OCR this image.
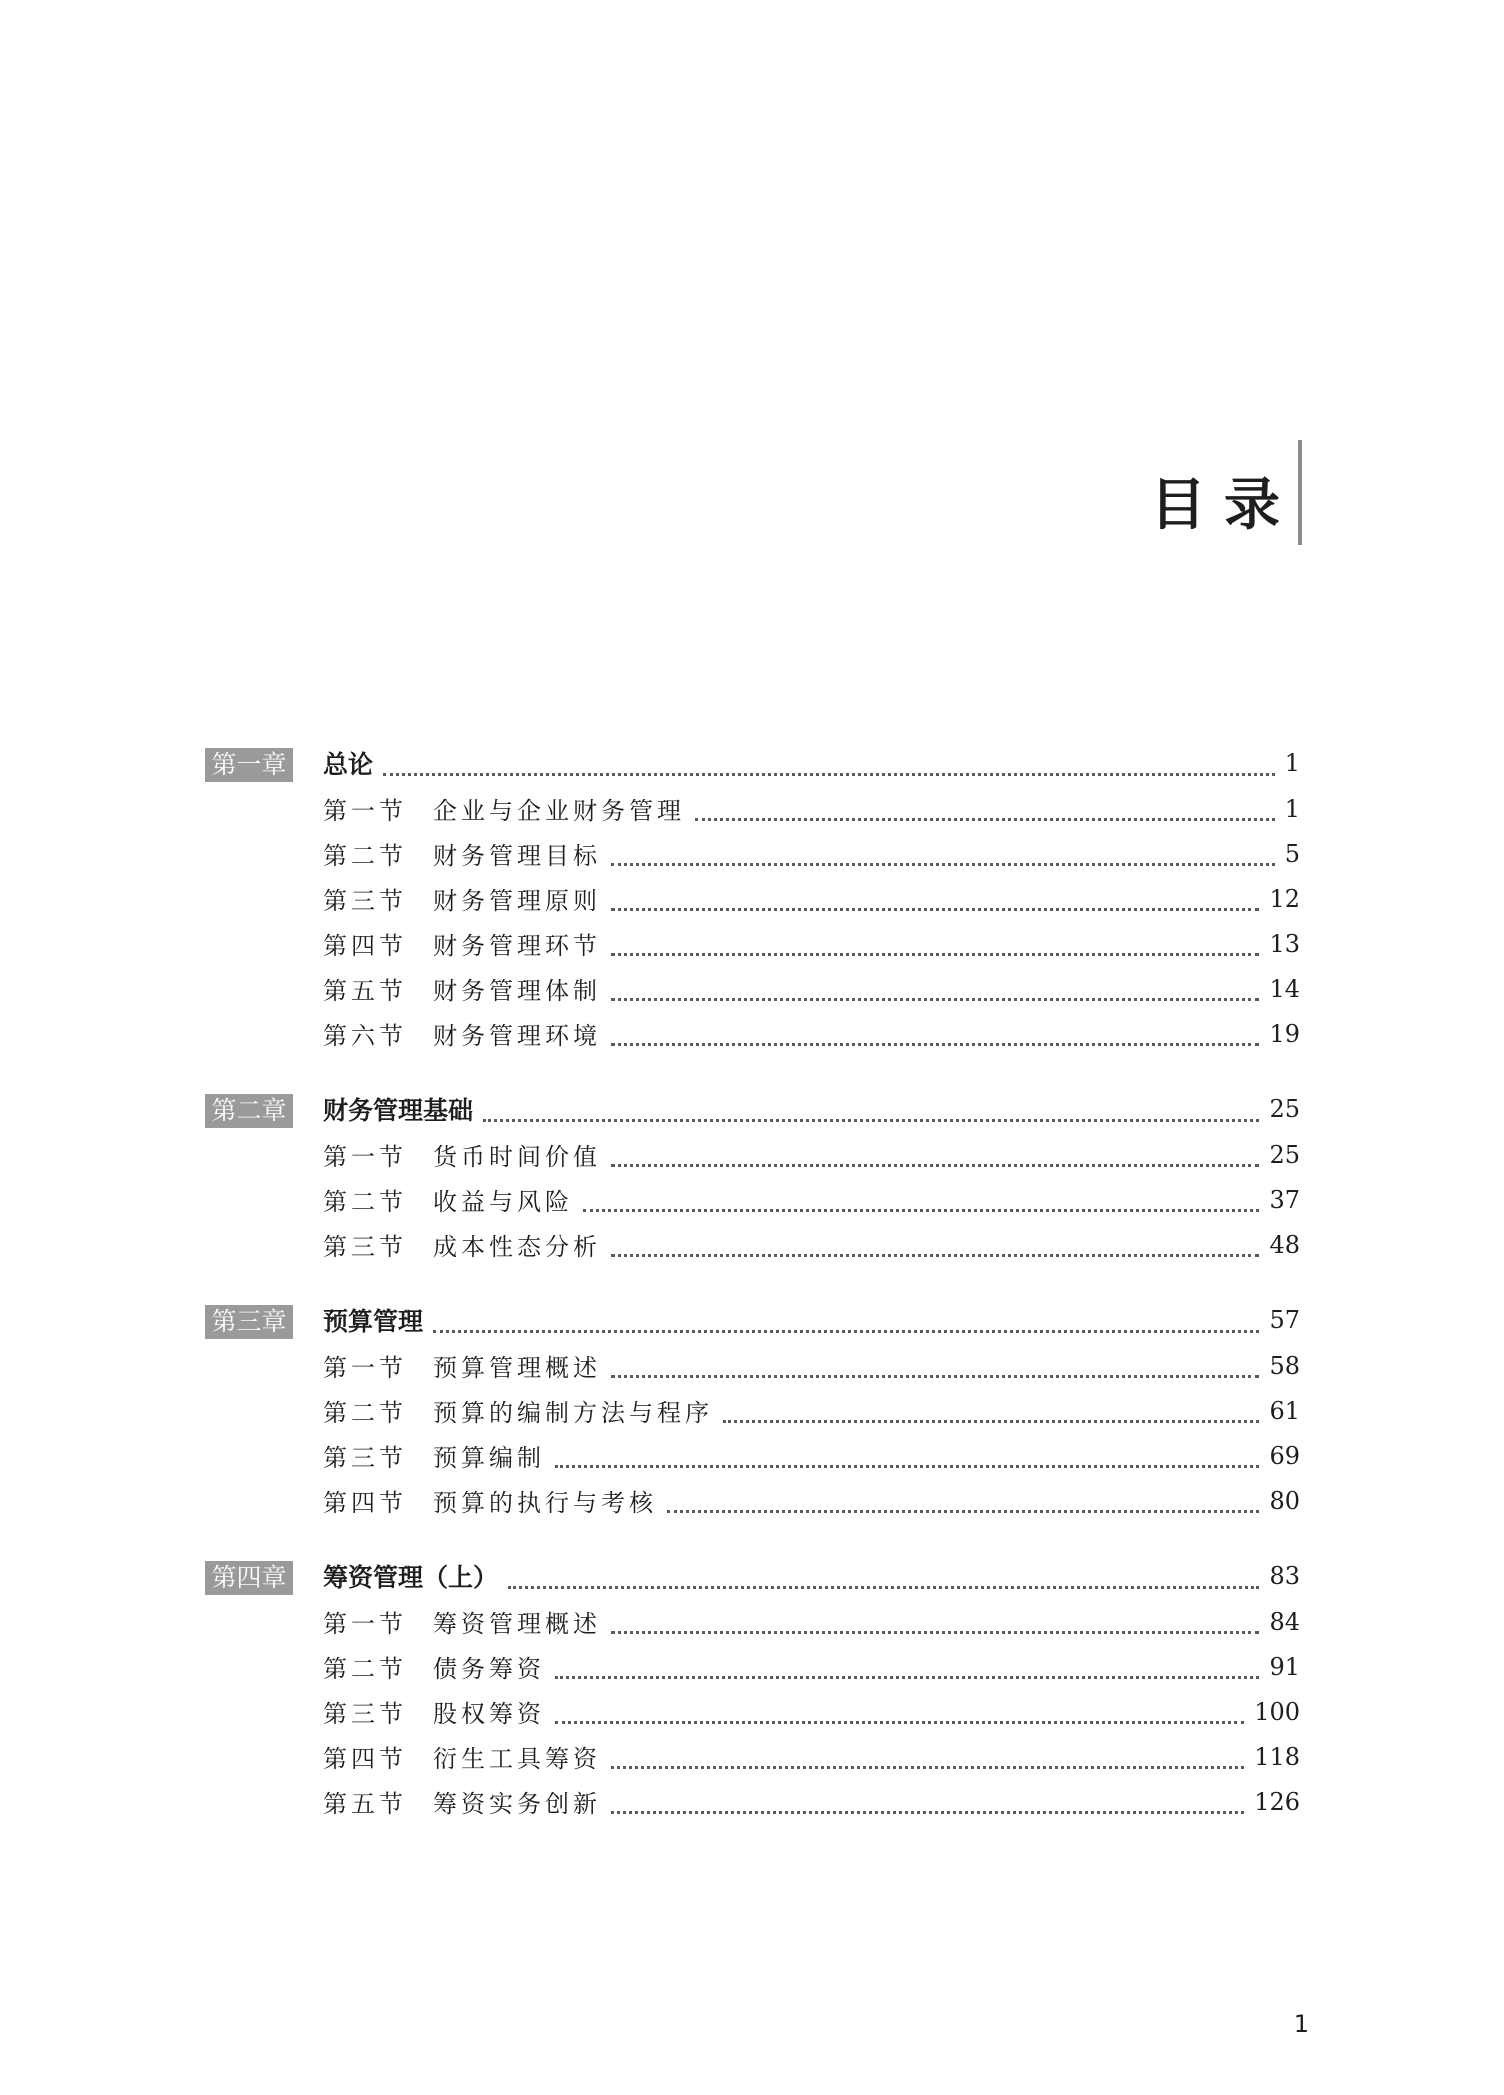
目录
第一章 总论	1
第一节 企业与企业财务管理	1
第二节 财务管理目标	5
第三节 财务管理原则	12
第四节 财务管理环节	13
第五节 财务管理体制	14
第六节 财务管理环境	19
第二章 财务管理基础	25
第一节 货币时间价值	25
第二节 收益与风险	37
第三节 成本性态分析	48
第三章 预算管理	57
第一节 预算管理概述	58
第二节 预算的编制方法与程序	61
第三节 预算编制	69
第四节 预算的执行与考核	80
第四章 筹资管理（上）	83
第一节 筹资管理概述	84
第二节 债务筹资	91
第三节 股权筹资	100
第四节 衍生工具筹资	118
第五节 筹资实务创新	126
1
